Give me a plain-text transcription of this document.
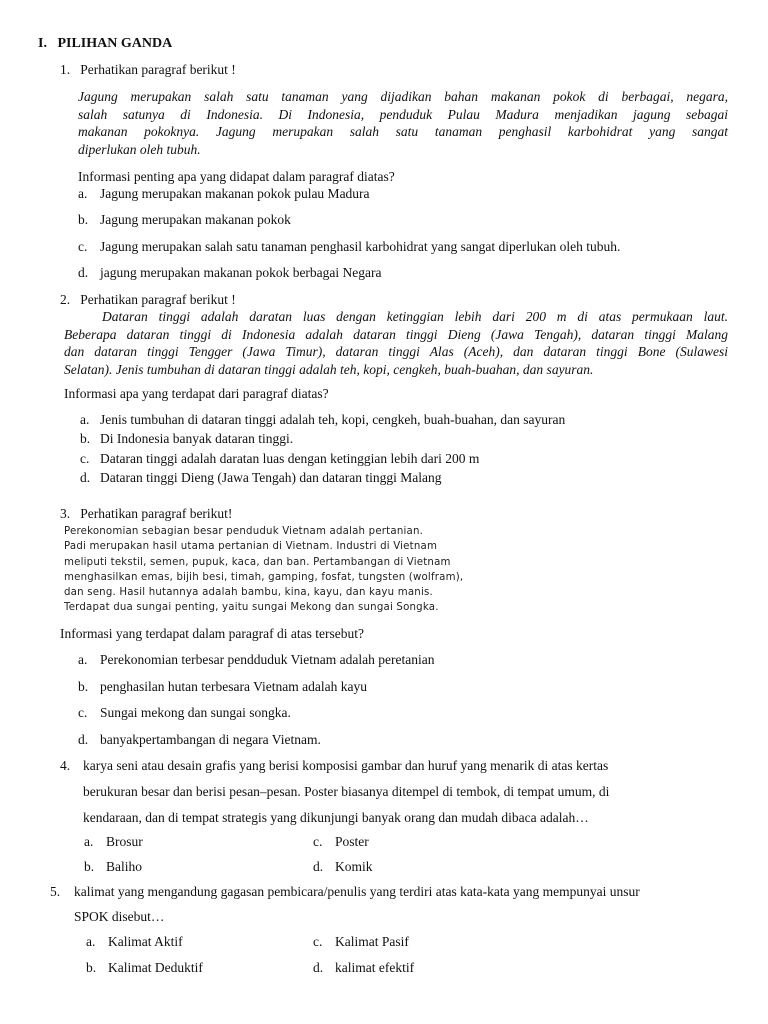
I. PILIHAN GANDA
1. Perhatikan paragraf berikut !
Jagung merupakan salah satu tanaman yang dijadikan bahan makanan pokok di berbagai, negara,
salah satunya di Indonesia. Di Indonesia, penduduk Pulau Madura menjadikan jagung sebagai
makanan pokoknya. Jagung merupakan salah satu tanaman penghasil karbohidrat yang sangat
diperlukan oleh tubuh.
Informasi penting apa yang didapat dalam paragraf diatas?
a. Jagung merupakan makanan pokok pulau Madura
b. Jagung merupakan makanan pokok
c. Jagung merupakan salah satu tanaman penghasil karbohidrat yang sangat diperlukan oleh tubuh.
d. jagung merupakan makanan pokok berbagai Negara
2. Perhatikan paragraf berikut !
Dataran tinggi adalah daratan luas dengan ketinggian lebih dari 200 m di atas permukaan laut.
Beberapa dataran tinggi di Indonesia adalah dataran tinggi Dieng (Jawa Tengah), dataran tinggi Malang
dan dataran tinggi Tengger (Jawa Timur), dataran tinggi Alas (Aceh), dan dataran tinggi Bone (Sulawesi
Selatan). Jenis tumbuhan di dataran tinggi adalah teh, kopi, cengkeh, buah-buahan, dan sayuran.
Informasi apa yang terdapat dari paragraf diatas?
a. Jenis tumbuhan di dataran tinggi adalah teh, kopi, cengkeh, buah-buahan, dan sayuran
b. Di Indonesia banyak dataran tinggi.
c. Dataran tinggi adalah daratan luas dengan ketinggian lebih dari 200 m
d. Dataran tinggi Dieng (Jawa Tengah) dan dataran tinggi Malang
3. Perhatikan paragraf berikut!
Perekonomian sebagian besar penduduk Vietnam adalah pertanian.
Padi merupakan hasil utama pertanian di Vietnam. Industri di Vietnam
meliputi tekstil, semen, pupuk, kaca, dan ban. Pertambangan di Vietnam
menghasilkan emas, bijih besi, timah, gamping, fosfat, tungsten (wolfram),
dan seng. Hasil hutannya adalah bambu, kina, kayu, dan kayu manis.
Terdapat dua sungai penting, yaitu sungai Mekong dan sungai Songka.
Informasi yang terdapat dalam paragraf di atas tersebut?
a. Perekonomian terbesar pendduduk Vietnam adalah peretanian
b. penghasilan hutan terbesara Vietnam adalah kayu
c. Sungai mekong dan sungai songka.
d. banyakpertambangan di negara Vietnam.
4. karya seni atau desain grafis yang berisi komposisi gambar dan huruf yang menarik di atas kertas
berukuran besar dan berisi pesan–pesan. Poster biasanya ditempel di tembok, di tempat umum, di
kendaraan, dan di tempat strategis yang dikunjungi banyak orang dan mudah dibaca adalah…
a. Brosur
b. Baliho
c. Poster
d. Komik
5. kalimat yang mengandung gagasan pembicara/penulis yang terdiri atas kata-kata yang mempunyai unsur
SPOK disebut…
a. Kalimat Aktif
b. Kalimat Deduktif
c. Kalimat Pasif
d. kalimat efektif
